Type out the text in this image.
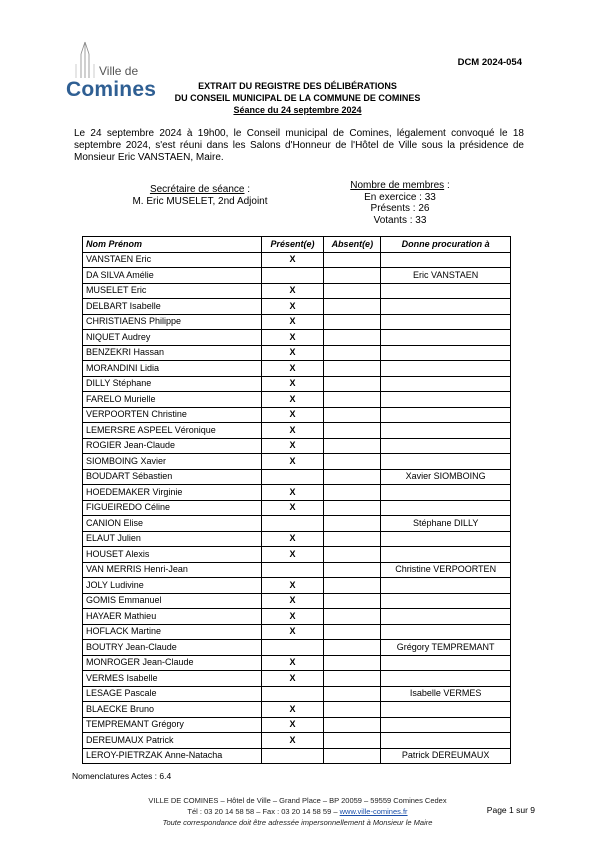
Ville de
Comines
DCM 2024-054
EXTRAIT DU REGISTRE DES DÉLIBÉRATIONS
DU CONSEIL MUNICIPAL DE LA COMMUNE DE COMINES
Séance du 24 septembre 2024
Le 24 septembre 2024 à 19h00, le Conseil municipal de Comines, légalement convoqué le 18 septembre 2024, s'est réuni dans les Salons d'Honneur de l'Hôtel de Ville sous la présidence de Monsieur Eric VANSTAEN, Maire.
Secrétaire de séance :
M. Eric MUSELET, 2nd Adjoint
Nombre de membres :
En exercice : 33
Présents : 26
Votants : 33
Nom Prénom	Présent(e)	Absent(e)	Donne procuration à
VANSTAEN Eric	X		
DA SILVA Amélie			Eric VANSTAEN
MUSELET Eric	X		
DELBART Isabelle	X		
CHRISTIAENS Philippe	X		
NIQUET Audrey	X		
BENZEKRI Hassan	X		
MORANDINI Lidia	X		
DILLY Stéphane	X		
FARELO Murielle	X		
VERPOORTEN Christine	X		
LEMERSRE ASPEEL Véronique	X		
ROGIER Jean-Claude	X		
SIOMBOING Xavier	X		
BOUDART Sébastien			Xavier SIOMBOING
HOEDEMAKER Virginie	X		
FIGUEIREDO Céline	X		
CANION Elise			Stéphane DILLY
ELAUT Julien	X		
HOUSET Alexis	X		
VAN MERRIS Henri-Jean			Christine VERPOORTEN
JOLY Ludivine	X		
GOMIS Emmanuel	X		
HAYAER Mathieu	X		
HOFLACK Martine	X		
BOUTRY Jean-Claude			Grégory TEMPREMANT
MONROGER Jean-Claude	X		
VERMES Isabelle	X		
LESAGE Pascale			Isabelle VERMES
BLAECKE Bruno	X		
TEMPREMANT Grégory	X		
DEREUMAUX Patrick	X		
LEROY-PIETRZAK Anne-Natacha			Patrick DEREUMAUX
Nomenclatures Actes : 6.4
VILLE DE COMINES – Hôtel de Ville – Grand Place – BP 20059 – 59559 Comines Cedex
Tél : 03 20 14 58 58 – Fax : 03 20 14 58 59 – www.ville-comines.fr
Toute correspondance doit être adressée impersonnellement à Monsieur le Maire
Page 1 sur 9
